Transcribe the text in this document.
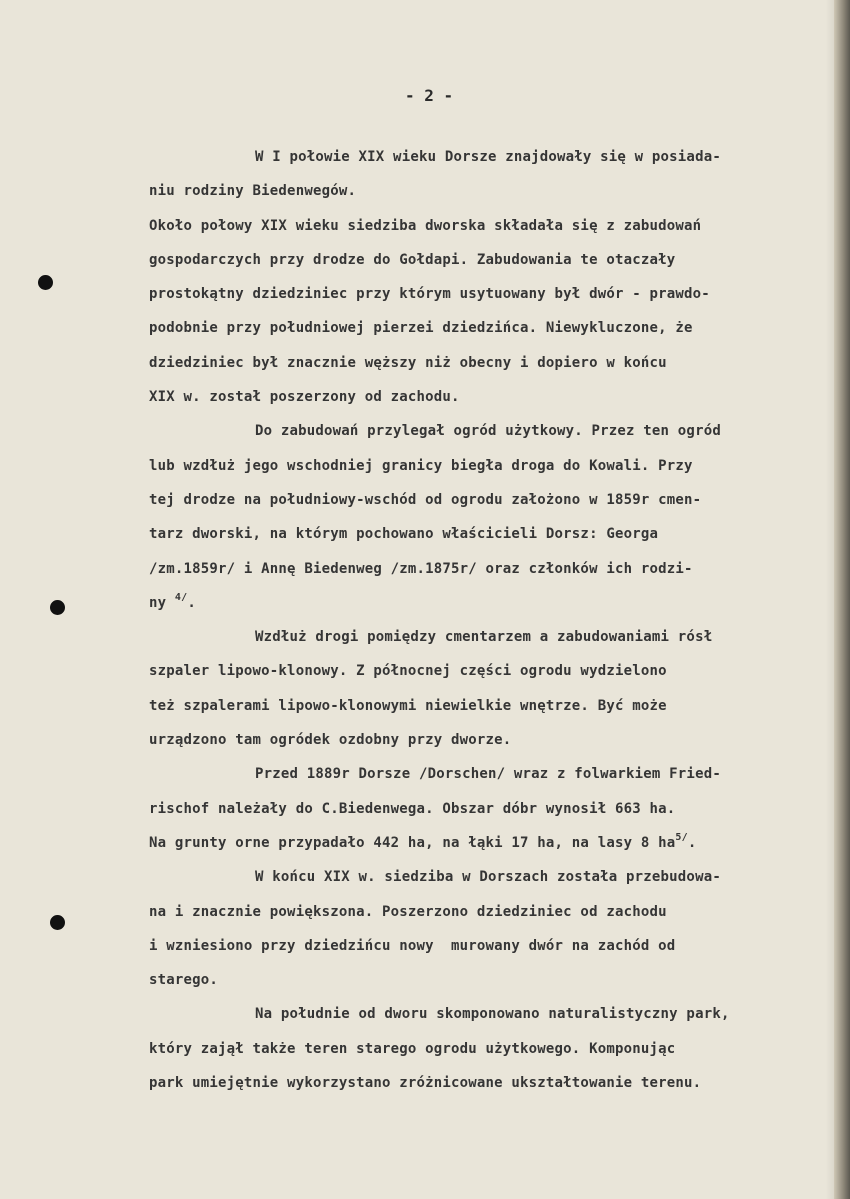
- 2 -
W I połowie XIX wieku Dorsze znajdowały się w posiada-
niu rodziny Biedenwegów.
Około połowy XIX wieku siedziba dworska składała się z zabudowań
gospodarczych przy drodze do Gołdapi. Zabudowania te otaczały
prostokątny dziedziniec przy którym usytuowany był dwór - prawdo-
podobnie przy południowej pierzei dziedzińca. Niewykluczone, że
dziedziniec był znacznie węższy niż obecny i dopiero w końcu
XIX w. został poszerzony od zachodu.
Do zabudowań przylegał ogród użytkowy. Przez ten ogród
lub wzdłuż jego wschodniej granicy biegła droga do Kowali. Przy
tej drodze na południowy-wschód od ogrodu założono w 1859r cmen-
tarz dworski, na którym pochowano właścicieli Dorsz: Georga
/zm.1859r/ i Annę Biedenweg /zm.1875r/ oraz członków ich rodzi-
ny $^{4/}$.
Wzdłuż drogi pomiędzy cmentarzem a zabudowaniami rósł
szpaler lipowo-klonowy. Z północnej części ogrodu wydzielono
też szpalerami lipowo-klonowymi niewielkie wnętrze. Być może
urządzono tam ogródek ozdobny przy dworze.
Przed 1889r Dorsze /Dorschen/ wraz z folwarkiem Fried-
rischof należały do C.Biedenwega. Obszar dóbr wynosił 663 ha.
Na grunty orne przypadało 442 ha, na łąki 17 ha, na lasy 8 $ha^{5/}$.
W końcu XIX w. siedziba w Dorszach została przebudowa-
na i znacznie powiększona. Poszerzono dziedziniec od zachodu
i wzniesiono przy dziedzińcu nowy  murowany dwór na zachód od
starego.
Na południe od dworu skomponowano naturalistyczny park,
który zajął także teren starego ogrodu użytkowego. Komponując
park umiejętnie wykorzystano zróżnicowane ukształtowanie terenu.
